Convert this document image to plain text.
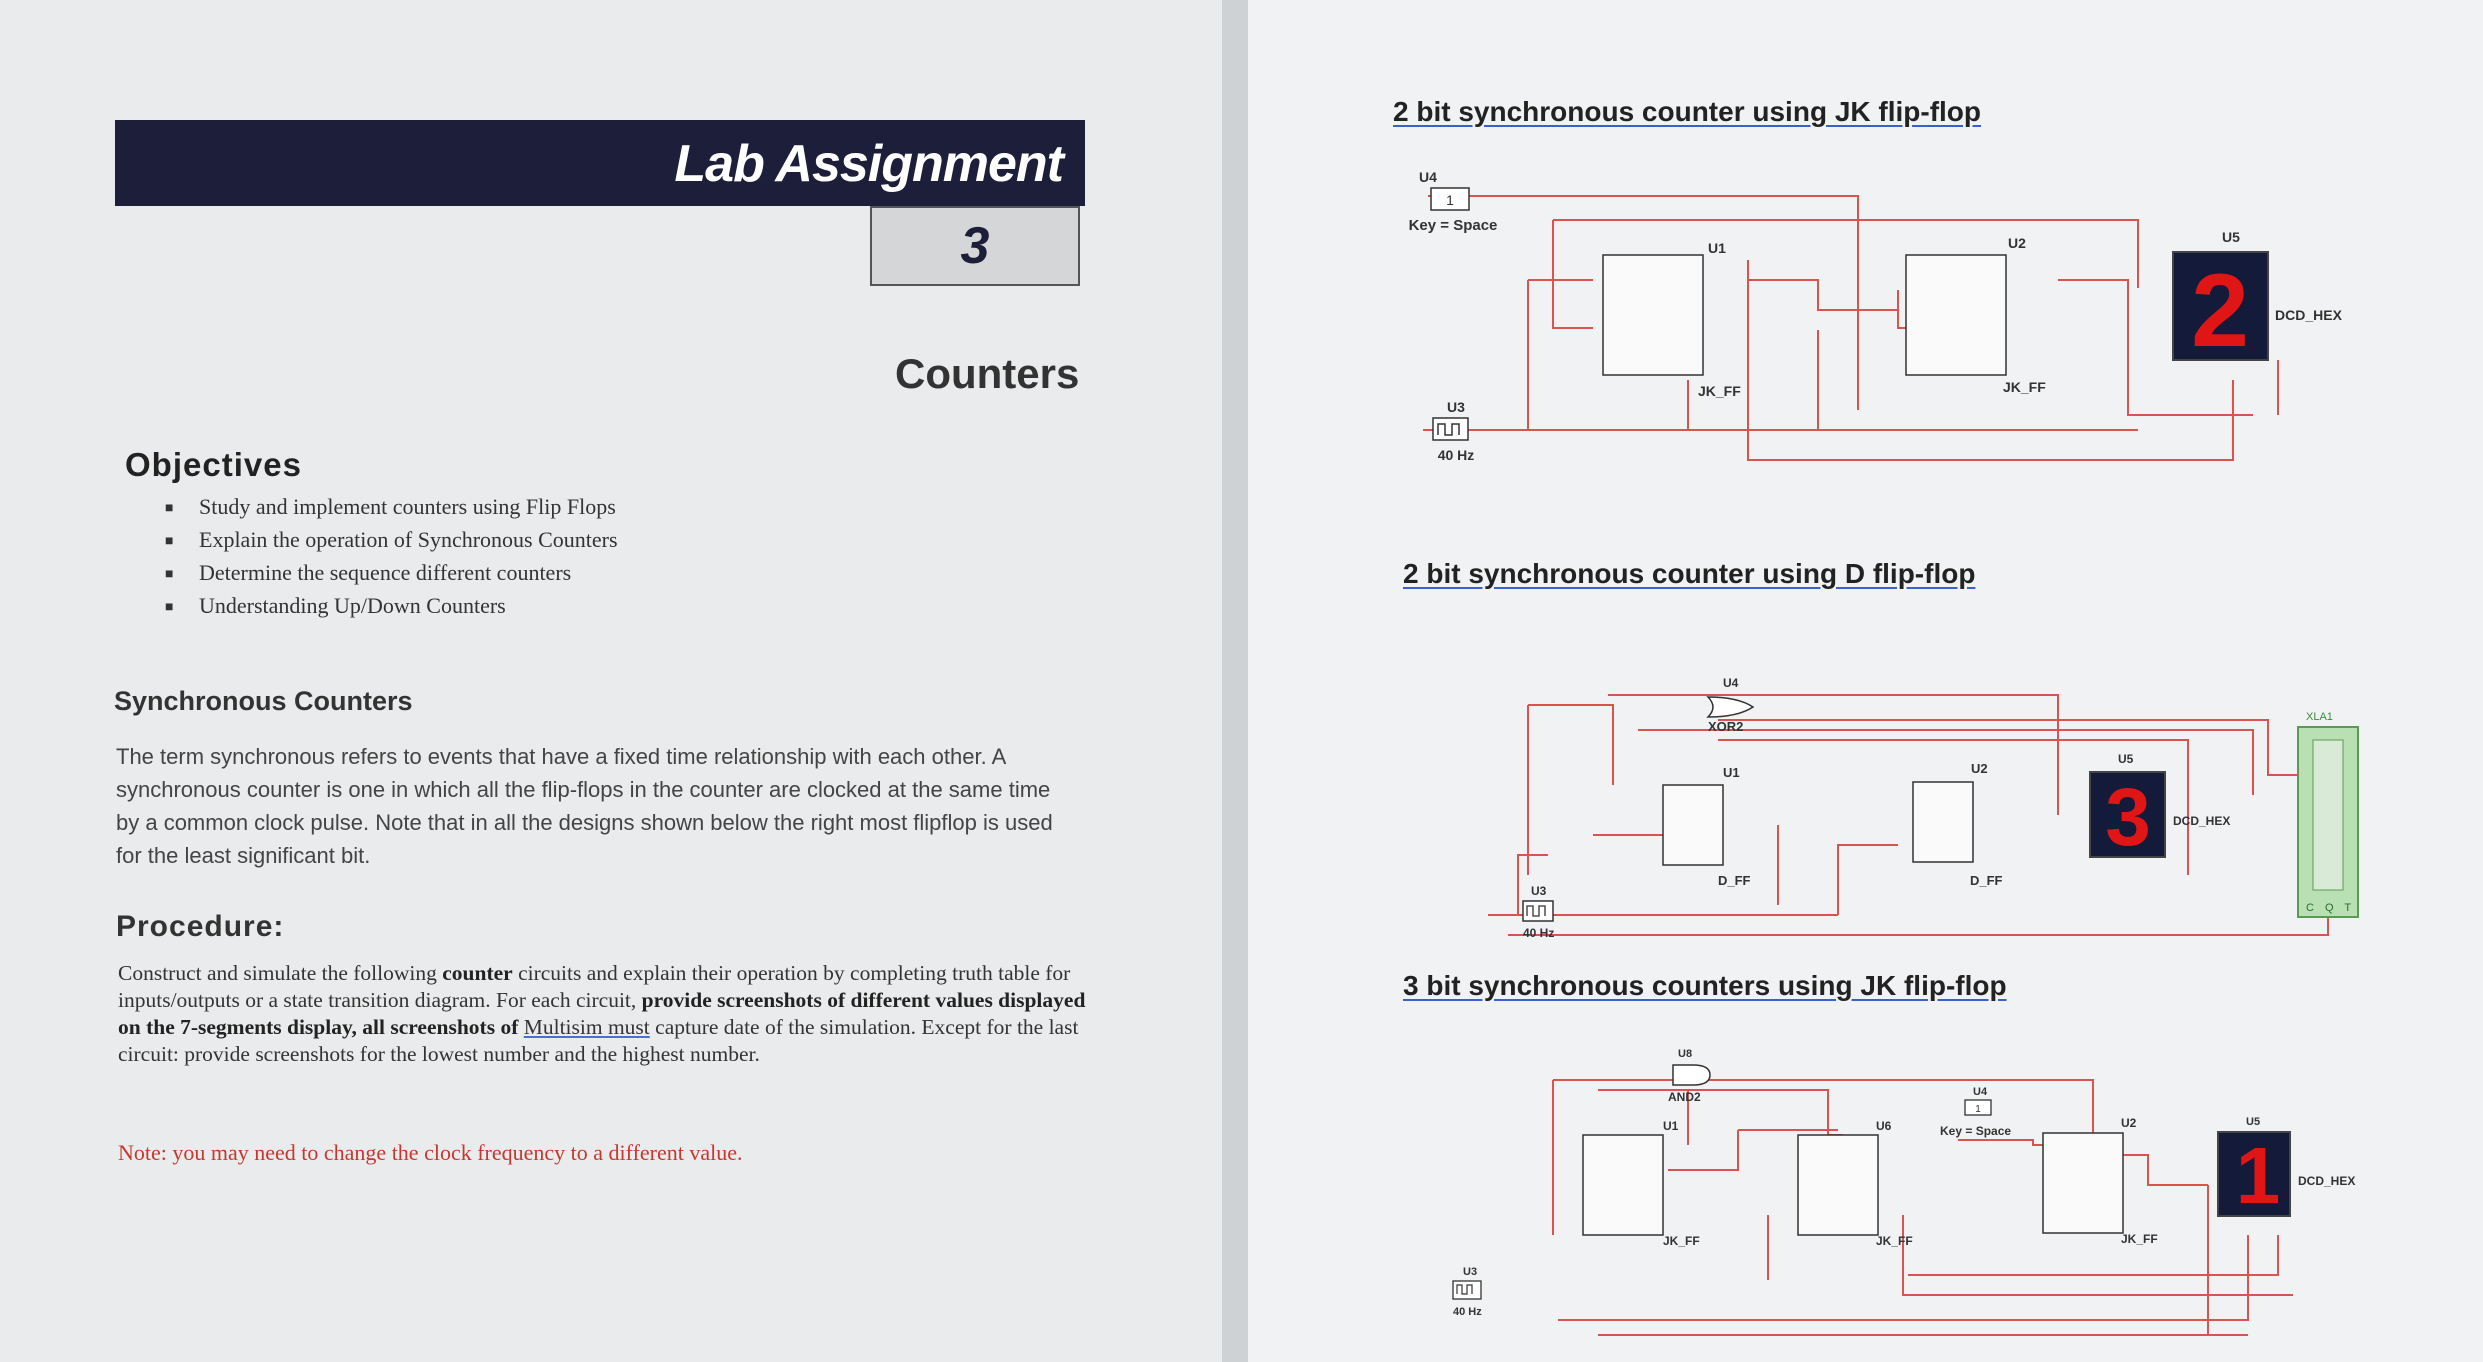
Lab Assignment
3
Counters
Objectives
■ Study and implement counters using Flip Flops
■ Explain the operation of Synchronous Counters
■ Determine the sequence different counters
■ Understanding Up/Down Counters
Synchronous Counters
The term synchronous refers to events that have a fixed time relationship with each other. A synchronous counter is one in which all the flip-flops in the counter are clocked at the same time by a common clock pulse. Note that in all the designs shown below the right most flipflop is used for the least significant bit.
Procedure:
Construct and simulate the following counter circuits and explain their operation by completing truth table for inputs/outputs or a state transition diagram. For each circuit, provide screenshots of different values displayed on the 7-segments display, all screenshots of Multisim must capture date of the simulation. Except for the last circuit: provide screenshots for the lowest number and the highest number.
Note: you may need to change the clock frequency to a different value.
2 bit synchronous counter using JK flip-flop
U4
1
Key = Space
U3
40 Hz
U1
JK_FF
U2
JK_FF
U5
2 DCD_HEX
2 bit synchronous counter using D flip-flop
U4
XOR2
U3
40 Hz
U1
D_FF
U2
D_FF
U5
3 DCD_HEX
XLA1
C Q T
3 bit synchronous counters using JK flip-flop
U8
AND2	U4
1
Key = Space
U3
40 Hz
U1
JK_FF
U6
JK_FF
U2
JK_FF
U5
1 DCD_HEX
